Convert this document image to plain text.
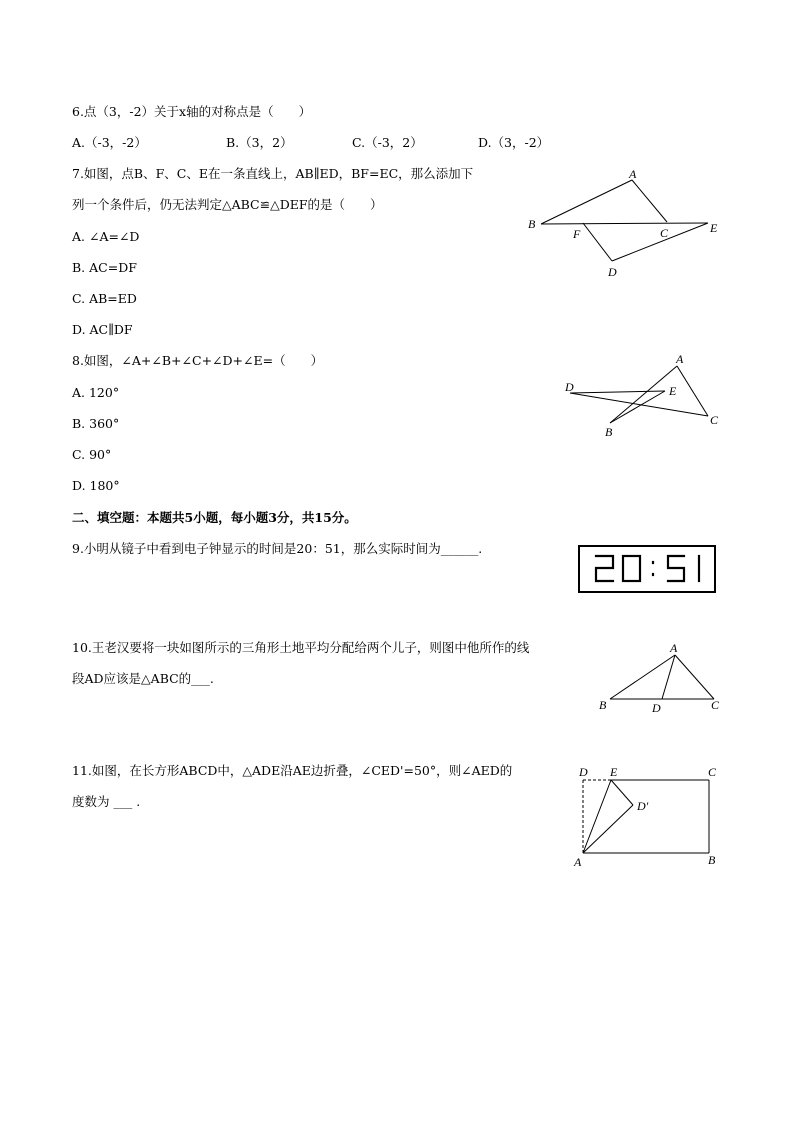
6.点（3，-2）关于x轴的对称点是（　　）
A.（-3，-2）	B.（3，2）	C.（-3，2）	D.（3，-2）
7.如图，点B、F、C、E在一条直线上，AB∥ED，BF=EC，那么添加下
列一个条件后，仍无法判定△ABC≌△DEF的是（　　）
A. ∠A=∠D
B. AC=DF
C. AB=ED
D. AC∥DF
A
B
F	C	E
D
8.如图，∠A+∠B+∠C+∠D+∠E=（　　）
A. 120°
B. 360°
C. 90°
D. 180°
A
D	E
C
B
二、填空题：本题共5小题，每小题3分，共15分。
9.小明从镜子中看到电子钟显示的时间是20：51，那么实际时间为______.
10.王老汉要将一块如图所示的三角形土地平均分配给两个儿子，则图中他所作的线
段AD应该是△ABC的___.
A
B	D	C
11.如图，在长方形ABCD中，△ADE沿AE边折叠，∠CED'=50°，则∠AED的
度数为 ___ .
D E	C
D′
A	B
